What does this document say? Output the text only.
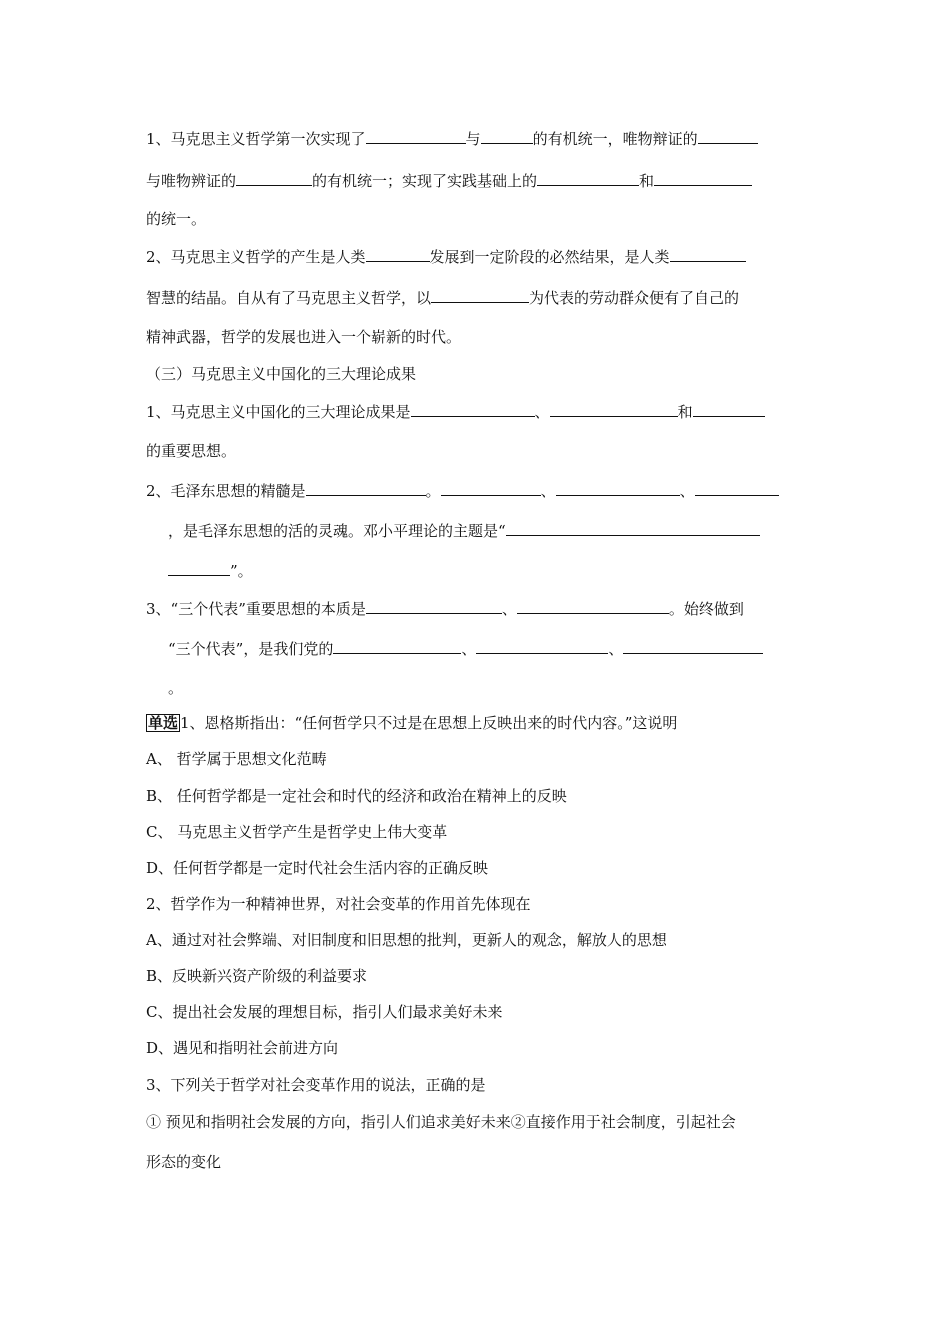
1、马克思主义哲学第一次实现了	与	的有机统一，唯物辩证的
与唯物辨证的	的有机统一；实现了实践基础上的	和
的统一。
2、马克思主义哲学的产生是人类	发展到一定阶段的必然结果，是人类
智慧的结晶。自从有了马克思主义哲学，以	为代表的劳动群众便有了自己的
精神武器，哲学的发展也进入一个崭新的时代。
（三）马克思主义中国化的三大理论成果
1、马克思主义中国化的三大理论成果是	、	和
的重要思想。
2、毛泽东思想的精髓是	。	、	、
，是毛泽东思想的活的灵魂。邓小平理论的主题是“
”。
3、“三个代表”重要思想的本质是	、	。始终做到
“三个代表”，是我们党的	、	、
。
单选 1、恩格斯指出：“任何哲学只不过是在思想上反映出来的时代内容。”这说明
A、 哲学属于思想文化范畴
B、 任何哲学都是一定社会和时代的经济和政治在精神上的反映
C、 马克思主义哲学产生是哲学史上伟大变革
D、任何哲学都是一定时代社会生活内容的正确反映
2、哲学作为一种精神世界，对社会变革的作用首先体现在
A、通过对社会弊端、对旧制度和旧思想的批判，更新人的观念，解放人的思想
B、反映新兴资产阶级的利益要求
C、提出社会发展的理想目标，指引人们最求美好未来
D、遇见和指明社会前进方向
3、下列关于哲学对社会变革作用的说法，正确的是
① 预见和指明社会发展的方向，指引人们追求美好未来②直接作用于社会制度，引起社会
形态的变化
